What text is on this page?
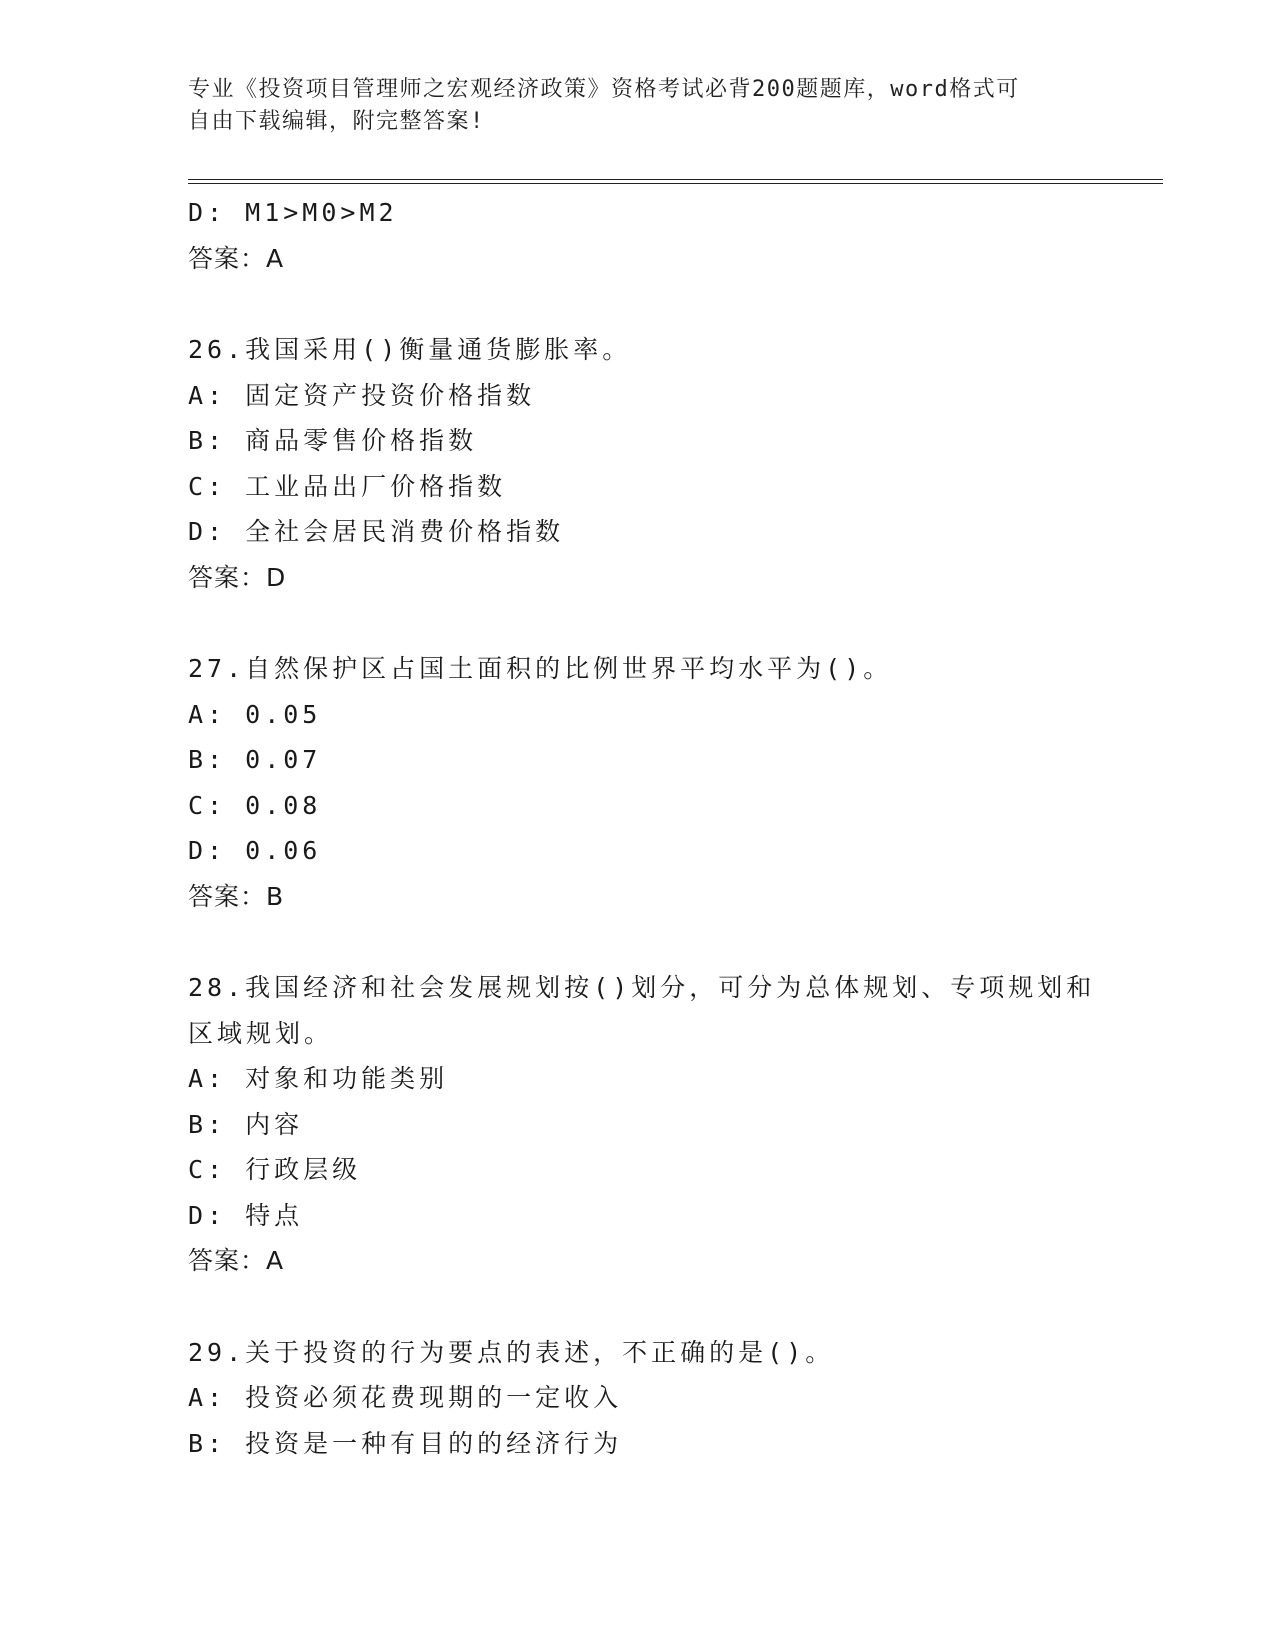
专业《投资项目管理师之宏观经济政策》资格考试必背200题题库，word格式可
自由下载编辑，附完整答案!
D: M1>M0>M2
答案：A
26.我国采用()衡量通货膨胀率。
A: 固定资产投资价格指数
B: 商品零售价格指数
C: 工业品出厂价格指数
D: 全社会居民消费价格指数
答案：D
27.自然保护区占国土面积的比例世界平均水平为()。
A: 0.05
B: 0.07
C: 0.08
D: 0.06
答案：B
28.我国经济和社会发展规划按()划分，可分为总体规划、专项规划和
区域规划。
A: 对象和功能类别
B: 内容
C: 行政层级
D: 特点
答案：A
29.关于投资的行为要点的表述，不正确的是()。
A: 投资必须花费现期的一定收入
B: 投资是一种有目的的经济行为
